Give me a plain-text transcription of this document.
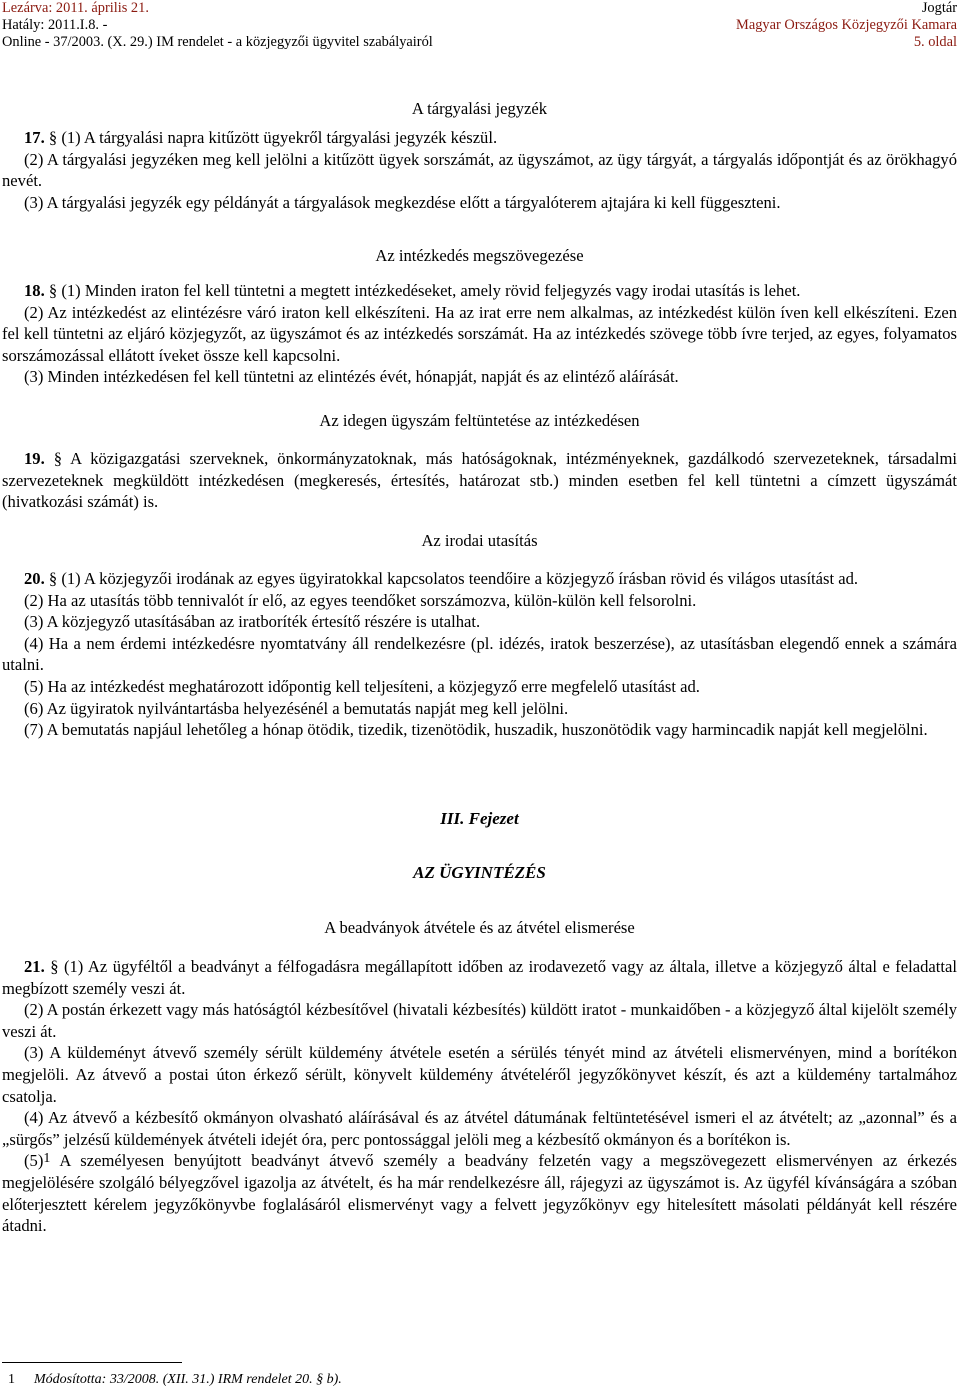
Lezárva: 2011. április 21.
Hatály: 2011.I.8. -
Online - 37/2003. (X. 29.) IM rendelet - a közjegyzői ügyvitel szabályairól
Jogtár
Magyar Országos Közjegyzői Kamara
5. oldal
A tárgyalási jegyzék

17. § (1) A tárgyalási napra kitűzött ügyekről tárgyalási jegyzék készül.

(2) A tárgyalási jegyzéken meg kell jelölni a kitűzött ügyek sorszámát, az ügyszámot, az ügy tárgyát, a tárgyalás időpontját és az örökhagyó nevét.

(3) A tárgyalási jegyzék egy példányát a tárgyalások megkezdése előtt a tárgyalóterem ajtajára ki kell függeszteni.

Az intézkedés megszövegezése

18. § (1) Minden iraton fel kell tüntetni a megtett intézkedéseket, amely rövid feljegyzés vagy irodai utasítás is lehet.

(2) Az intézkedést az elintézésre váró iraton kell elkészíteni. Ha az irat erre nem alkalmas, az intézkedést külön íven kell elkészíteni. Ezen fel kell tüntetni az eljáró közjegyzőt, az ügyszámot és az intézkedés sorszámát. Ha az intézkedés szövege több ívre terjed, az egyes, folyamatos sorszámozással ellátott íveket össze kell kapcsolni.

(3) Minden intézkedésen fel kell tüntetni az elintézés évét, hónapját, napját és az elintéző aláírását.

Az idegen ügyszám feltüntetése az intézkedésen

19. § A közigazgatási szerveknek, önkormányzatoknak, más hatóságoknak, intézményeknek, gazdálkodó szervezeteknek, társadalmi szervezeteknek megküldött intézkedésen (megkeresés, értesítés, határozat stb.) minden esetben fel kell tüntetni a címzett ügyszámát (hivatkozási számát) is.

Az irodai utasítás

20. § (1) A közjegyzői irodának az egyes ügyiratokkal kapcsolatos teendőire a közjegyző írásban rövid és világos utasítást ad.

(2) Ha az utasítás több tennivalót ír elő, az egyes teendőket sorszámozva, külön-külön kell felsorolni.

(3) A közjegyző utasításában az iratboríték értesítő részére is utalhat.

(4) Ha a nem érdemi intézkedésre nyomtatvány áll rendelkezésre (pl. idézés, iratok beszerzése), az utasításban elegendő ennek a számára utalni.

(5) Ha az intézkedést meghatározott időpontig kell teljesíteni, a közjegyző erre megfelelő utasítást ad.

(6) Az ügyiratok nyilvántartásba helyezésénél a bemutatás napját meg kell jelölni.

(7) A bemutatás napjául lehetőleg a hónap ötödik, tizedik, tizenötödik, huszadik, huszonötödik vagy harmincadik napját kell megjelölni.

III. Fejezet
AZ ÜGYINTÉZÉS
A beadványok átvétele és az átvétel elismerése

21. § (1) Az ügyféltől a beadványt a félfogadásra megállapított időben az irodavezető vagy az általa, illetve a közjegyző által e feladattal megbízott személy veszi át.

(2) A postán érkezett vagy más hatóságtól kézbesítővel (hivatali kézbesítés) küldött iratot - munkaidőben - a közjegyző által kijelölt személy veszi át.

(3) A küldeményt átvevő személy sérült küldemény átvétele esetén a sérülés tényét mind az átvételi elismervényen, mind a borítékon megjelöli. Az átvevő a postai úton érkező sérült, könyvelt küldemény átvételéről jegyzőkönyvet készít, és azt a küldemény tartalmához csatolja.

(4) Az átvevő a kézbesítő okmányon olvasható aláírásával és az átvétel dátumának feltüntetésével ismeri el az átvételt; az „azonnal” és a „sürgős” jelzésű küldemények átvételi idejét óra, perc pontossággal jelöli meg a kézbesítő okmányon és a borítékon is.

(5)$^1$ A személyesen benyújtott beadványt átvevő személy a beadvány felzetén vagy a megszövegezett elismervényen az érkezés megjelölésére szolgáló bélyegzővel igazolja az átvételt, és ha már rendelkezésre áll, rájegyzi az ügyszámot is. Az ügyfél kívánságára a szóban előterjesztett kérelem jegyzőkönyvbe foglalásáról elismervényt vagy a felvett jegyzőkönyv egy hitelesített másolati példányát kell részére átadni.

1 Módosította: 33/2008. (XII. 31.) IRM rendelet 20. § b).
